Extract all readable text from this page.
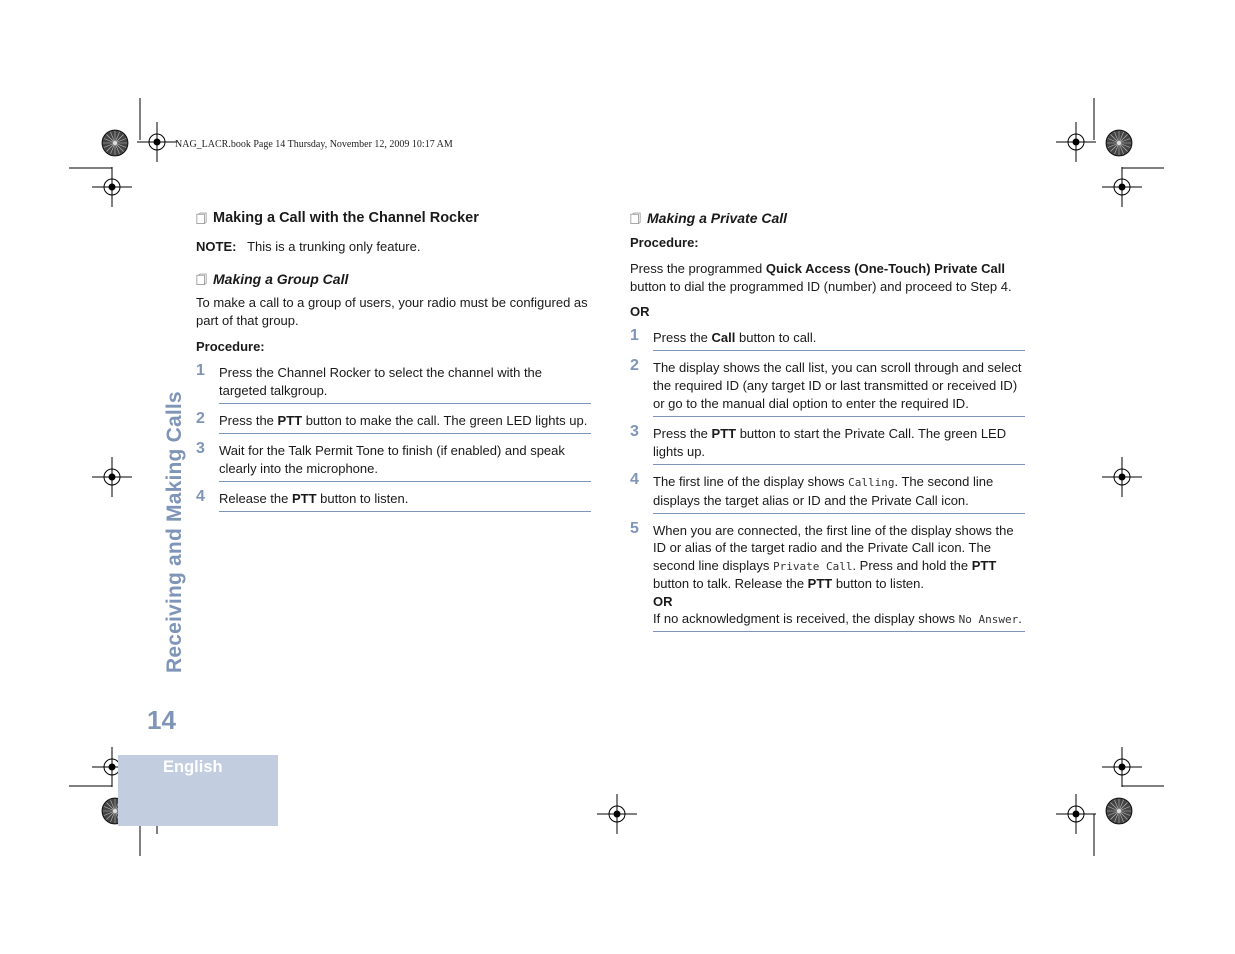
NAG_LACR.book Page 14 Thursday, November 12, 2009 10:17 AM
Receiving and Making Calls
14
English
Making a Call with the Channel Rocker

NOTE: This is a trunking only feature.

Making a Group Call

To make a call to a group of users, your radio must be configured as part of that group.

Procedure:

1 Press the Channel Rocker to select the channel with the targeted talkgroup.
2 Press the PTT button to make the call. The green LED lights up.
3 Wait for the Talk Permit Tone to finish (if enabled) and speak clearly into the microphone.
4 Release the PTT button to listen.
Making a Private Call

Procedure:

Press the programmed Quick Access (One-Touch) Private Call button to dial the programmed ID (number) and proceed to Step 4.

OR

1 Press the Call button to call.
2 The display shows the call list, you can scroll through and select the required ID (any target ID or last transmitted or received ID) or go to the manual dial option to enter the required ID.
3 Press the PTT button to start the Private Call. The green LED lights up.
4 The first line of the display shows Calling. The second line displays the target alias or ID and the Private Call icon.
5 When you are connected, the first line of the display shows the ID or alias of the target radio and the Private Call icon. The second line displays Private Call. Press and hold the PTT button to talk. Release the PTT button to listen.
OR
If no acknowledgment is received, the display shows No Answer.
